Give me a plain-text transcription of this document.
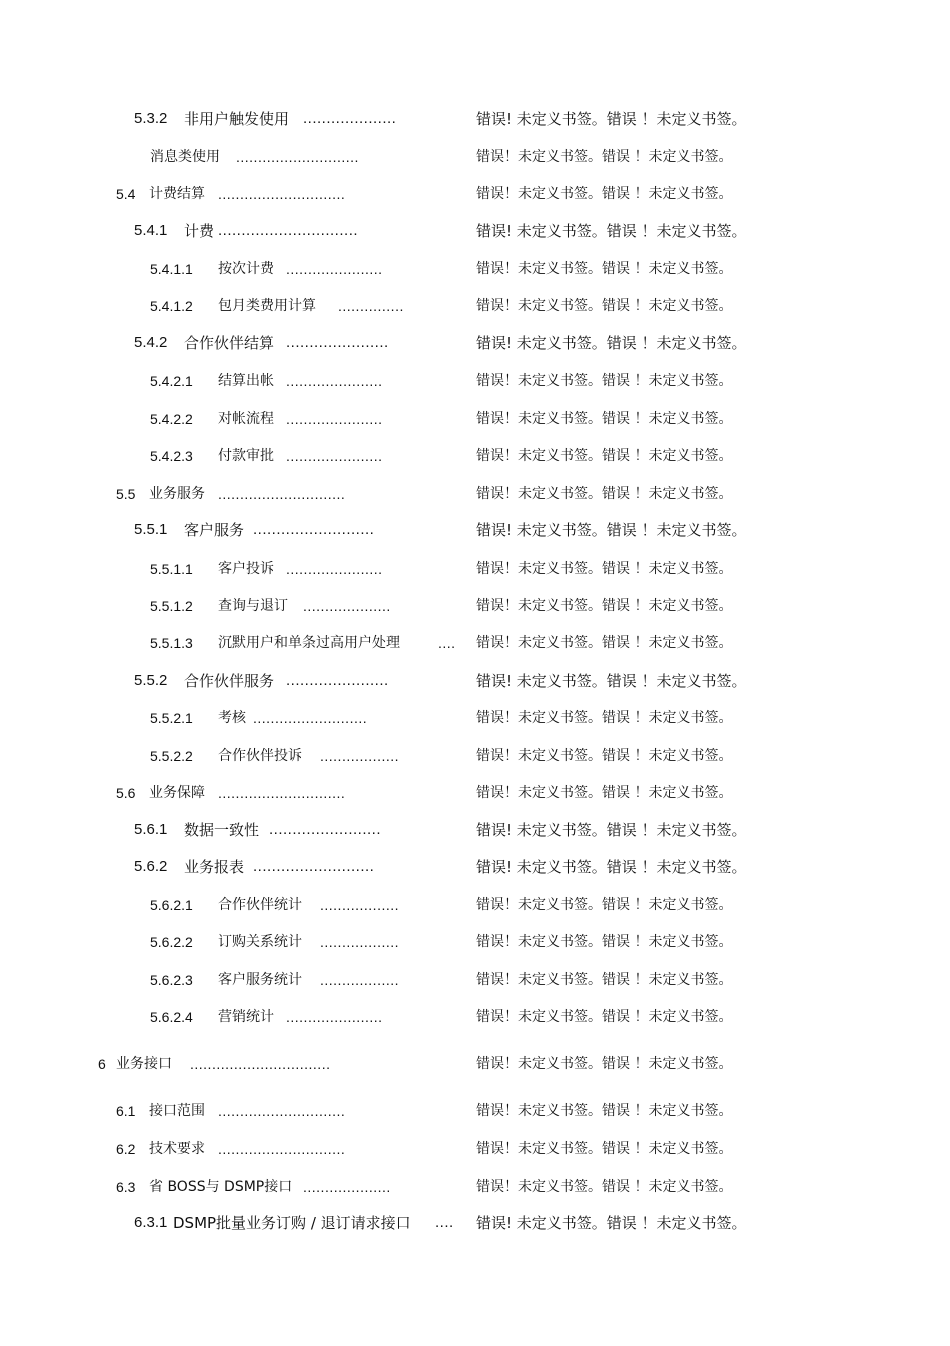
5.3.2 非用户触发使用 ....................	错误! 未定义书签。错误 ！未定义书签。
消息类使用 ............................	错误！未定义书签。错误 ！未定义书签。
5.4 计费结算 .............................	错误！未定义书签。错误 ！未定义书签。
5.4.1 计费 ..............................	错误! 未定义书签。错误 ！未定义书签。
5.4.1.1 按次计费 ......................	错误！未定义书签。错误 ！未定义书签。
5.4.1.2 包月类费用计算 ...............	错误！未定义书签。错误 ！未定义书签。
5.4.2 合作伙伴结算 ......................	错误! 未定义书签。错误 ！未定义书签。
5.4.2.1 结算出帐 ......................	错误！未定义书签。错误 ！未定义书签。
5.4.2.2 对帐流程 ......................	错误！未定义书签。错误 ！未定义书签。
5.4.2.3 付款审批 ......................	错误！未定义书签。错误 ！未定义书签。
5.5 业务服务 .............................	错误！未定义书签。错误 ！未定义书签。
5.5.1 客户服务 ..........................	错误! 未定义书签。错误 ！未定义书签。
5.5.1.1 客户投诉 ......................	错误！未定义书签。错误 ！未定义书签。
5.5.1.2 查询与退订 ....................	错误！未定义书签。错误 ！未定义书签。
5.5.1.3 沉默用户和单条过高用户处理	.... 错误！未定义书签。错误 ！未定义书签。
5.5.2 合作伙伴服务 ......................	错误! 未定义书签。错误 ！未定义书签。
5.5.2.1 考核 ..........................	错误！未定义书签。错误 ！未定义书签。
5.5.2.2 合作伙伴投诉 ..................	错误！未定义书签。错误 ！未定义书签。
5.6 业务保障 .............................	错误！未定义书签。错误 ！未定义书签。
5.6.1 数据一致性 ........................	错误! 未定义书签。错误 ！未定义书签。
5.6.2 业务报表 ..........................	错误! 未定义书签。错误 ！未定义书签。
5.6.2.1 合作伙伴统计 ..................	错误！未定义书签。错误 ！未定义书签。
5.6.2.2 订购关系统计 ..................	错误！未定义书签。错误 ！未定义书签。
5.6.2.3 客户服务统计 ..................	错误！未定义书签。错误 ！未定义书签。
5.6.2.4 营销统计 ......................	错误！未定义书签。错误 ！未定义书签。
6 业务接口 ................................	错误！未定义书签。错误 ！未定义书签。
6.1 接口范围 .............................	错误！未定义书签。错误 ！未定义书签。
6.2 技术要求 .............................	错误！未定义书签。错误 ！未定义书签。
6.3 省 BOSS与 DSMP接口 ....................	错误！未定义书签。错误 ！未定义书签。
6.3.1 DSMP批量业务订购 / 退订请求接口 .... 错误! 未定义书签。错误 ！未定义书签。
